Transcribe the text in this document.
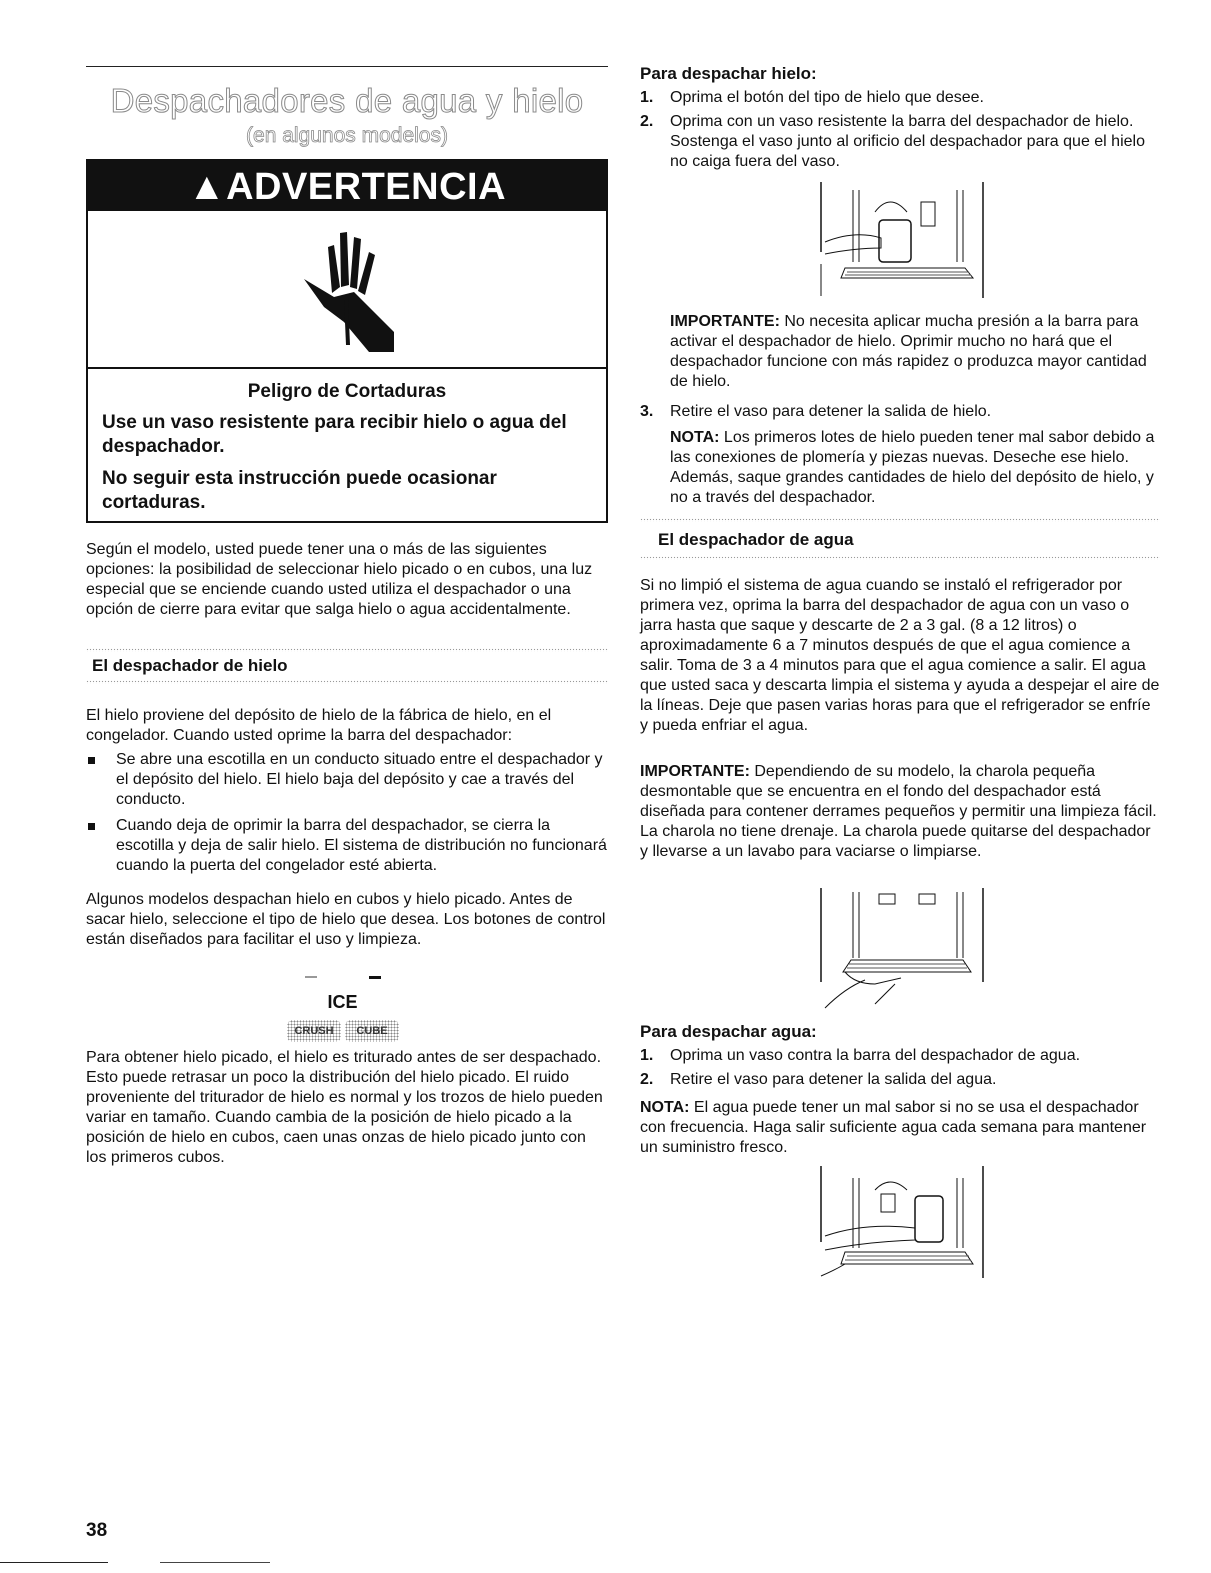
Despachadores de agua y hielo
(en algunos modelos)
▲ADVERTENCIA
Peligro de Cortaduras
Use un vaso resistente para recibir hielo o agua del despachador.
No seguir esta instrucción puede ocasionar cortaduras.

Según el modelo, usted puede tener una o más de las siguientes opciones: la posibilidad de seleccionar hielo picado o en cubos, una luz especial que se enciende cuando usted utiliza el despachador o una opción de cierre para evitar que salga hielo o agua accidentalmente.

El despachador de hielo

El hielo proviene del depósito de hielo de la fábrica de hielo, en el congelador. Cuando usted oprime la barra del despachador:

Se abre una escotilla en un conducto situado entre el despachador y el depósito del hielo. El hielo baja del depósito y cae a través del conducto.
Cuando deja de oprimir la barra del despachador, se cierra la escotilla y deja de salir hielo. El sistema de distribución no funcionará cuando la puerta del congelador esté abierta.

Algunos modelos despachan hielo en cubos y hielo picado. Antes de sacar hielo, seleccione el tipo de hielo que desea. Los botones de control están diseñados para facilitar el uso y limpieza.

ICE
CRUSH	CUBE

Para obtener hielo picado, el hielo es triturado antes de ser despachado. Esto puede retrasar un poco la distribución del hielo picado. El ruido proveniente del triturador de hielo es normal y los trozos de hielo pueden variar en tamaño. Cuando cambia de la posición de hielo picado a la posición de hielo en cubos, caen unas onzas de hielo picado junto con los primeros cubos.

Para despachar hielo:
1. Oprima el botón del tipo de hielo que desee.
2. Oprima con un vaso resistente la barra del despachador de hielo. Sostenga el vaso junto al orificio del despachador para que el hielo no caiga fuera del vaso.

IMPORTANTE: No necesita aplicar mucha presión a la barra para activar el despachador de hielo. Oprimir mucho no hará que el despachador funcione con más rapidez o produzca mayor cantidad de hielo.

3. Retire el vaso para detener la salida de hielo.

NOTA: Los primeros lotes de hielo pueden tener mal sabor debido a las conexiones de plomería y piezas nuevas. Deseche ese hielo. Además, saque grandes cantidades de hielo del depósito de hielo, y no a través del despachador.

El despachador de agua

Si no limpió el sistema de agua cuando se instaló el refrigerador por primera vez, oprima la barra del despachador de agua con un vaso o jarra hasta que saque y descarte de 2 a 3 gal. (8 a 12 litros) o aproximadamente 6 a 7 minutos después de que el agua comience a salir. Toma de 3 a 4 minutos para que el agua comience a salir. El agua que usted saca y descarta limpia el sistema y ayuda a despejar el aire de la líneas. Deje que pasen varias horas para que el refrigerador se enfríe y pueda enfriar el agua.

IMPORTANTE: Dependiendo de su modelo, la charola pequeña desmontable que se encuentra en el fondo del despachador está diseñada para contener derrames pequeños y permitir una limpieza fácil. La charola no tiene drenaje. La charola puede quitarse del despachador y llevarse a un lavabo para vaciarse o limpiarse.

Para despachar agua:
1. Oprima un vaso contra la barra del despachador de agua.
2. Retire el vaso para detener la salida del agua.

NOTA: El agua puede tener un mal sabor si no se usa el despachador con frecuencia. Haga salir suficiente agua cada semana para mantener un suministro fresco.

38
